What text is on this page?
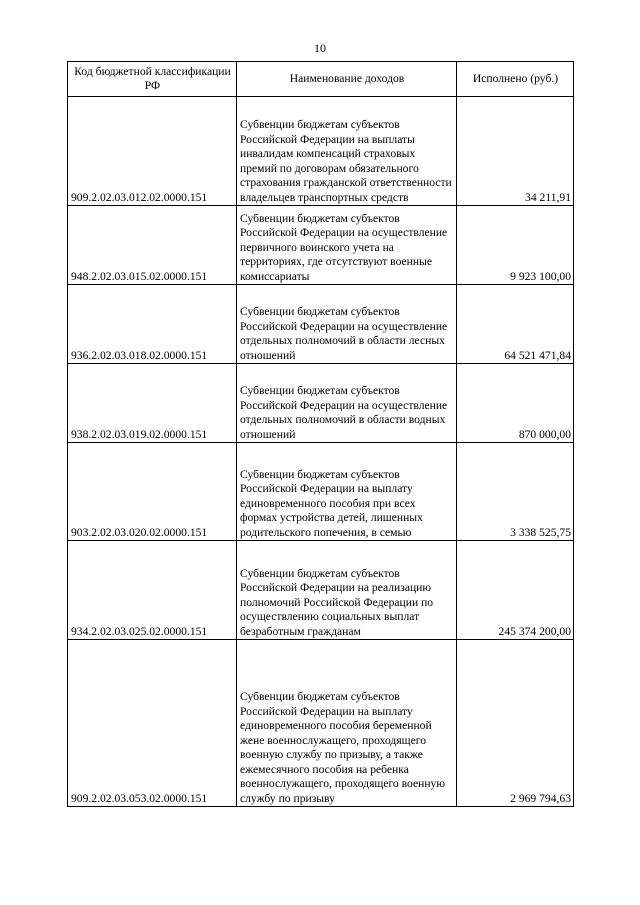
10
Код бюджетной классификации РФ	Наименование доходов	Исполнено (руб.)
909.2.02.03.012.02.0000.151	Субвенции бюджетам субъектов Российской Федерации на выплаты инвалидам компенсаций страховых премий по договорам обязательного страхования гражданской ответственности владельцев транспортных средств	34 211,91
948.2.02.03.015.02.0000.151	Субвенции бюджетам субъектов Российской Федерации на осуществление первичного воинского учета на территориях, где отсутствуют военные комиссариаты	9 923 100,00
936.2.02.03.018.02.0000.151	Субвенции бюджетам субъектов Российской Федерации на осуществление отдельных полномочий в области лесных отношений	64 521 471,84
938.2.02.03.019.02.0000.151	Субвенции бюджетам субъектов Российской Федерации на осуществление отдельных полномочий в области водных отношений	870 000,00
903.2.02.03.020.02.0000.151	Субвенции бюджетам субъектов Российской Федерации на выплату единовременного пособия при всех формах устройства детей, лишенных родительского попечения, в семью	3 338 525,75
934.2.02.03.025.02.0000.151	Субвенции бюджетам субъектов Российской Федерации на реализацию полномочий Российской Федерации по осуществлению социальных выплат безработным гражданам	245 374 200,00
909.2.02.03.053.02.0000.151	Субвенции бюджетам субъектов Российской Федерации на выплату единовременного пособия беременной жене военнослужащего, проходящего военную службу по призыву, а также ежемесячного пособия на ребенка военнослужащего, проходящего военную службу по призыву	2 969 794,63
